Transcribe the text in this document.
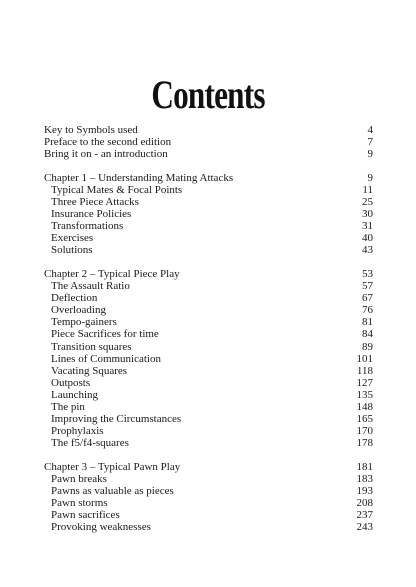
Contents
Key to Symbols used	4
Preface to the second edition	7
Bring it on - an introduction	9
Chapter 1 – Understanding Mating Attacks	9
Typical Mates & Focal Points	11
Three Piece Attacks	25
Insurance Policies	30
Transformations	31
Exercises	40
Solutions	43
Chapter 2 – Typical Piece Play	53
The Assault Ratio	57
Deflection	67
Overloading	76
Tempo-gainers	81
Piece Sacrifices for time	84
Transition squares	89
Lines of Communication	101
Vacating Squares	118
Outposts	127
Launching	135
The pin	148
Improving the Circumstances	165
Prophylaxis	170
The f5/f4-squares	178
Chapter 3 – Typical Pawn Play	181
Pawn breaks	183
Pawns as valuable as pieces	193
Pawn storms	208
Pawn sacrifices	237
Provoking weaknesses	243
